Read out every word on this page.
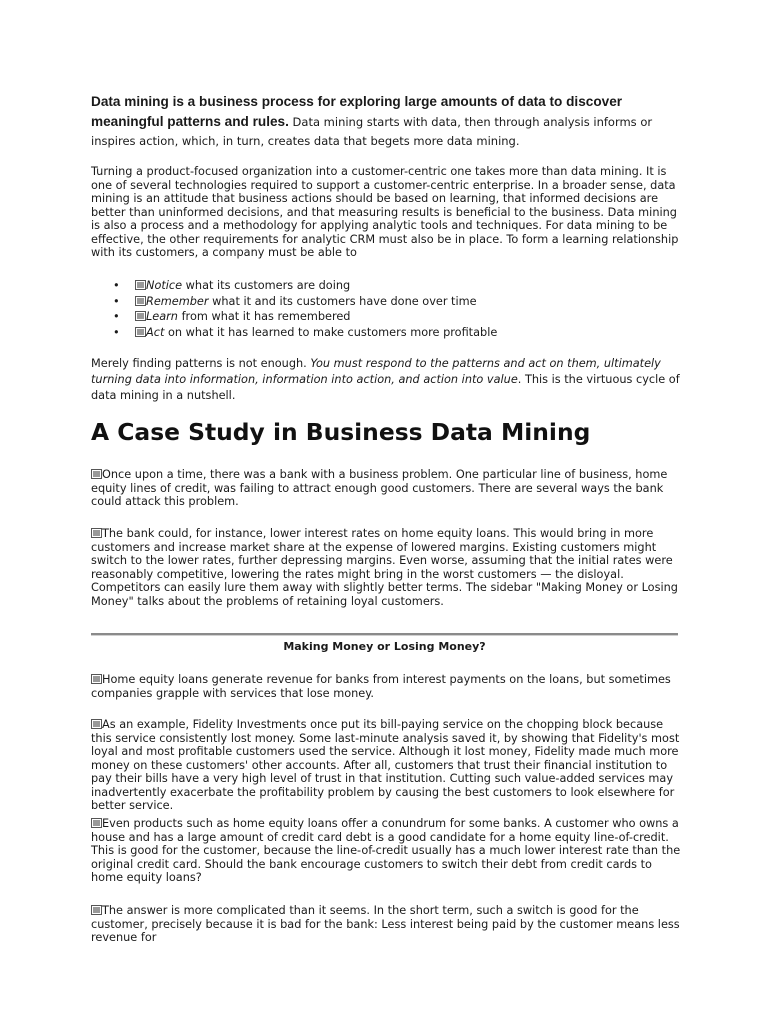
Data mining is a business process for exploring large amounts of data to discover meaningful patterns and rules. Data mining starts with data, then through analysis informs or inspires action, which, in turn, creates data that begets more data mining.

Turning a product-focused organization into a customer-centric one takes more than data mining. It is one of several technologies required to support a customer-centric enterprise. In a broader sense, data mining is an attitude that business actions should be based on learning, that informed decisions are better than uninformed decisions, and that measuring results is beneficial to the business. Data mining is also a process and a methodology for applying analytic tools and techniques. For data mining to be effective, the other requirements for analytic CRM must also be in place. To form a learning relationship with its customers, a company must be able to

• Notice what its customers are doing
• Remember what it and its customers have done over time
• Learn from what it has remembered
• Act on what it has learned to make customers more profitable

Merely finding patterns is not enough. You must respond to the patterns and act on them, ultimately turning data into information, information into action, and action into value. This is the virtuous cycle of data mining in a nutshell.

A Case Study in Business Data Mining

Once upon a time, there was a bank with a business problem. One particular line of business, home equity lines of credit, was failing to attract enough good customers. There are several ways the bank could attack this problem.

The bank could, for instance, lower interest rates on home equity loans. This would bring in more customers and increase market share at the expense of lowered margins. Existing customers might switch to the lower rates, further depressing margins. Even worse, assuming that the initial rates were reasonably competitive, lowering the rates might bring in the worst customers — the disloyal. Competitors can easily lure them away with slightly better terms. The sidebar "Making Money or Losing Money" talks about the problems of retaining loyal customers.

Making Money or Losing Money?

Home equity loans generate revenue for banks from interest payments on the loans, but sometimes companies grapple with services that lose money.

As an example, Fidelity Investments once put its bill-paying service on the chopping block because this service consistently lost money. Some last-minute analysis saved it, by showing that Fidelity's most loyal and most profitable customers used the service. Although it lost money, Fidelity made much more money on these customers' other accounts. After all, customers that trust their financial institution to pay their bills have a very high level of trust in that institution. Cutting such value-added services may inadvertently exacerbate the profitability problem by causing the best customers to look elsewhere for better service.

Even products such as home equity loans offer a conundrum for some banks. A customer who owns a house and has a large amount of credit card debt is a good candidate for a home equity line-of-credit. This is good for the customer, because the line-of-credit usually has a much lower interest rate than the original credit card. Should the bank encourage customers to switch their debt from credit cards to home equity loans?

The answer is more complicated than it seems. In the short term, such a switch is good for the customer, precisely because it is bad for the bank: Less interest being paid by the customer means less revenue for
